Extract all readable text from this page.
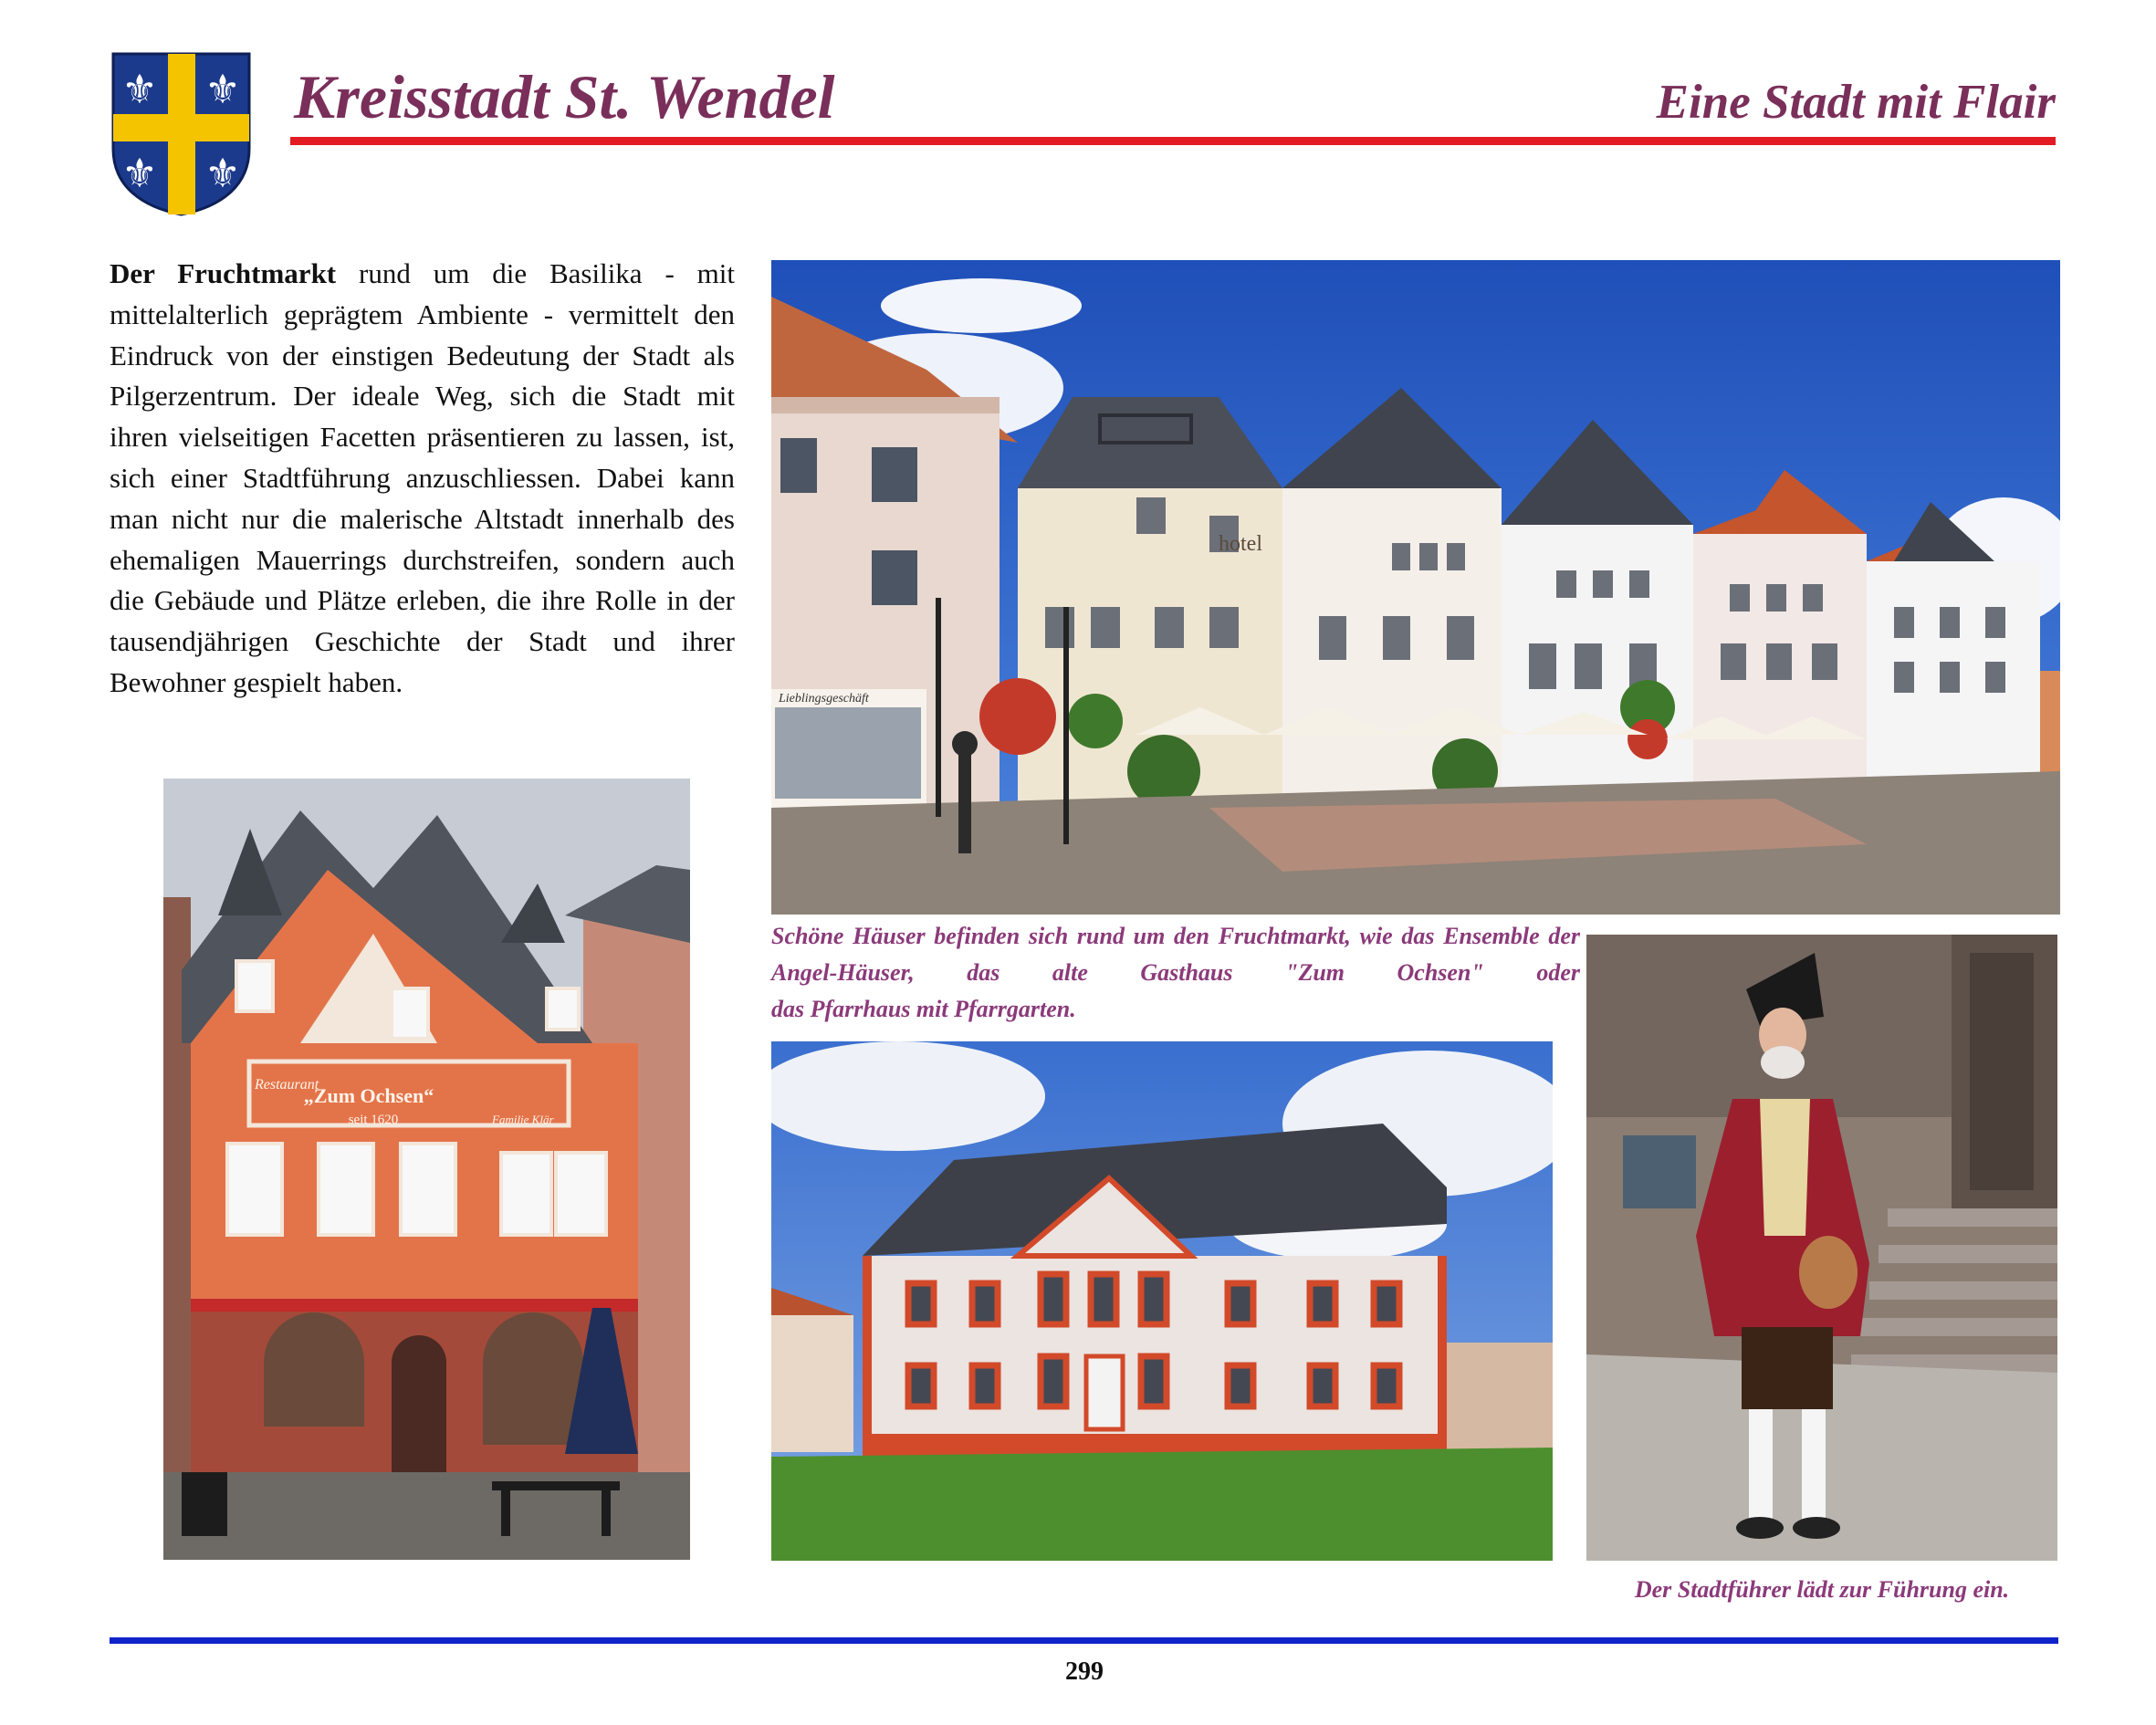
⚜ ⚜
⚜ ⚜
Kreisstadt St. Wendel	Eine Stadt mit Flair
Der Fruchtmarkt rund um die Basilika - mit mittelalterlich geprägtem Ambiente - vermittelt den Eindruck von der einstigen Bedeutung der Stadt als Pilgerzentrum. Der ideale Weg, sich die Stadt mit ihren vielseitigen Facetten präsentieren zu lassen, ist, sich einer Stadtführung anzuschliessen. Dabei kann man nicht nur die malerische Altstadt innerhalb des ehemaligen Mauerrings durchstreifen, sondern auch die Gebäude und Plätze erleben, die ihre Rolle in der tausendjährigen Geschichte der Stadt und ihrer Bewohner gespielt haben.
hotel
Lieblingsgeschäft
Restaurant
„Zum Ochsen“
seit 1620	Familie Klär
Schöne Häuser befinden sich rund um den Fruchtmarkt, wie das Ensemble der Angel-Häuser, das alte Gasthaus "Zum Ochsen" oder
das Pfarrhaus mit Pfarrgarten.
Der Stadtführer lädt zur Führung ein.
299
